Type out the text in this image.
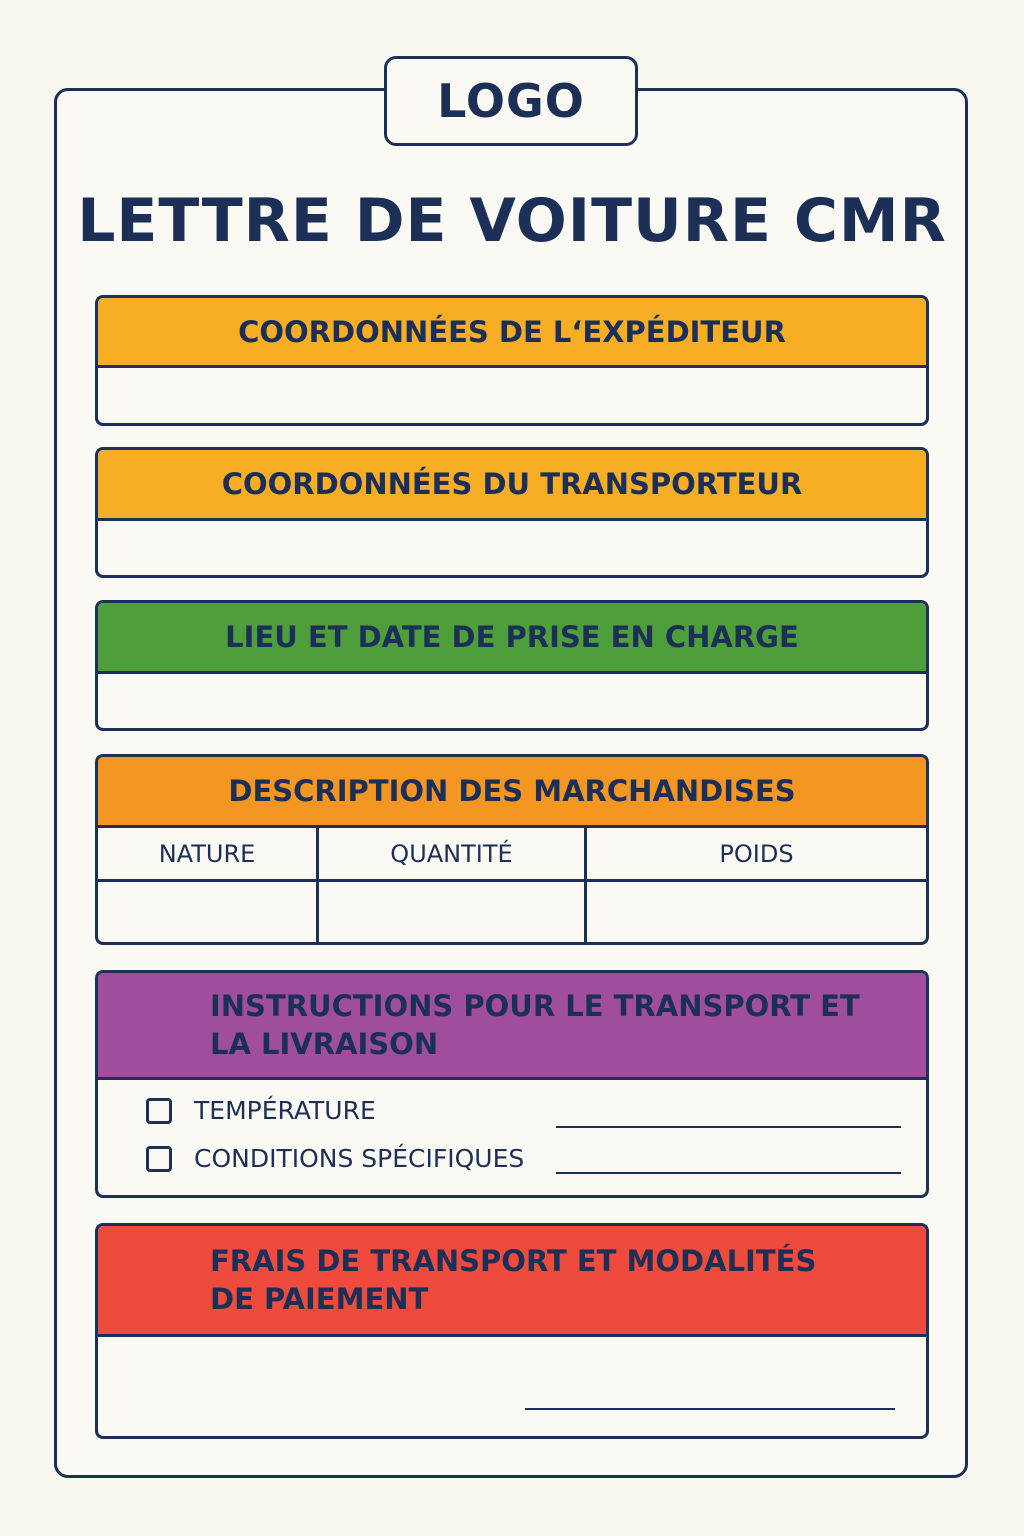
LOGO
LETTRE DE VOITURE CMR
COORDONNÉES DE L‘EXPÉDITEUR
COORDONNÉES DU TRANSPORTEUR
LIEU ET DATE DE PRISE EN CHARGE
DESCRIPTION DES MARCHANDISES
NATURE	QUANTITÉ	POIDS
INSTRUCTIONS POUR LE TRANSPORT ET LA LIVRAISON
TEMPÉRATURE
CONDITIONS SPÉCIFIQUES
FRAIS DE TRANSPORT ET MODALITÉS DE PAIEMENT
